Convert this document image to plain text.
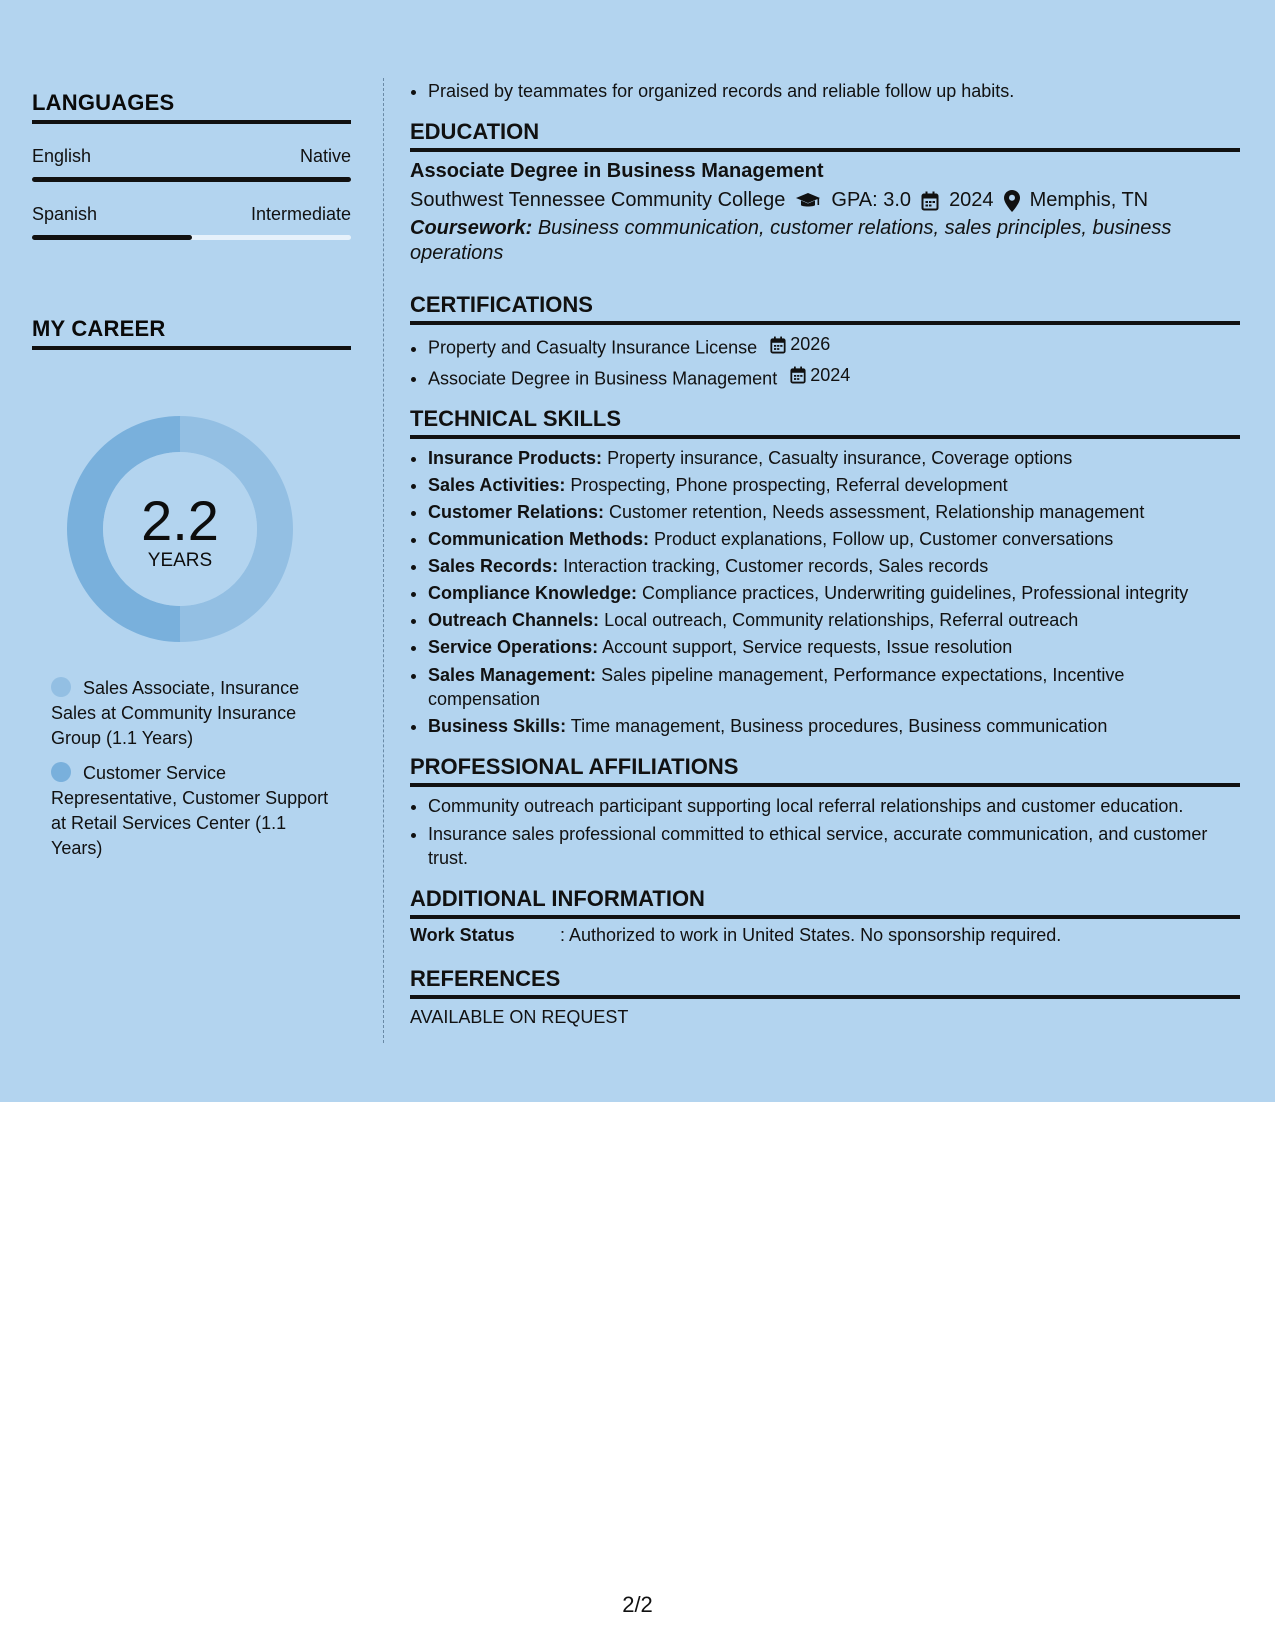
LANGUAGES
English	Native
Spanish	Intermediate
MY CAREER
2.2
YEARS
Sales Associate, Insurance Sales at Community Insurance Group (1.1 Years)
Customer Service Representative, Customer Support at Retail Services Center (1.1 Years)
• Praised by teammates for organized records and reliable follow up habits.
EDUCATION
Associate Degree in Business Management
Southwest Tennessee Community College GPA: 3.0 2024 Memphis, TN
Coursework: Business communication, customer relations, sales principles, business operations
CERTIFICATIONS
• Property and Casualty Insurance License 2026
• Associate Degree in Business Management 2024
TECHNICAL SKILLS
• Insurance Products: Property insurance, Casualty insurance, Coverage options
• Sales Activities: Prospecting, Phone prospecting, Referral development
• Customer Relations: Customer retention, Needs assessment, Relationship management
• Communication Methods: Product explanations, Follow up, Customer conversations
• Sales Records: Interaction tracking, Customer records, Sales records
• Compliance Knowledge: Compliance practices, Underwriting guidelines, Professional integrity
• Outreach Channels: Local outreach, Community relationships, Referral outreach
• Service Operations: Account support, Service requests, Issue resolution
• Sales Management: Sales pipeline management, Performance expectations, Incentive compensation
• Business Skills: Time management, Business procedures, Business communication
PROFESSIONAL AFFILIATIONS
• Community outreach participant supporting local referral relationships and customer education.
• Insurance sales professional committed to ethical service, accurate communication, and customer trust.
ADDITIONAL INFORMATION
Work Status	: Authorized to work in United States. No sponsorship required.
REFERENCES
AVAILABLE ON REQUEST
2/2
